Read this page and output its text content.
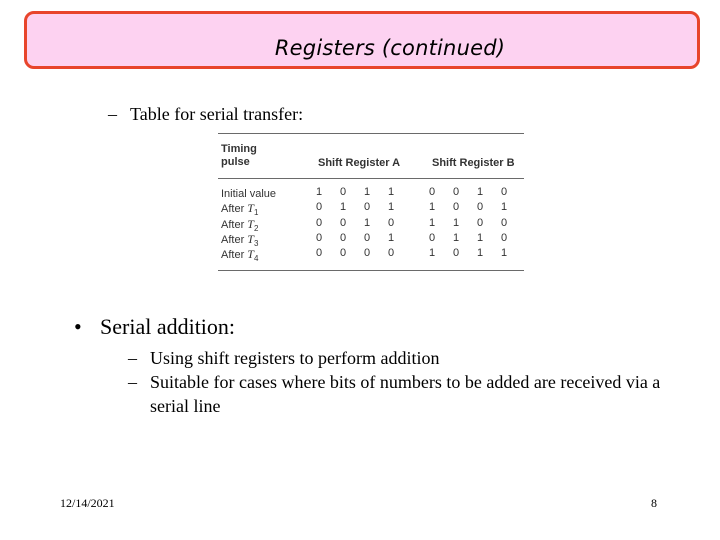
Registers (continued)
– Table for serial transfer:
Timing
pulse	Shift Register A	Shift Register B
Initial value	1 0 1 1	0 0 1 0
After $T_1$	0 1 0 1	1 0 0 1
After $T_2$	0 0 1 0	1 1 0 0
After $T_3$	0 0 0 1	0 1 1 0
After $T_4$	0 0 0 0	1 0 1 1
• Serial addition:
– Using shift registers to perform addition
– Suitable for cases where bits of numbers to be added are received via a serial line
12/14/2021	8
